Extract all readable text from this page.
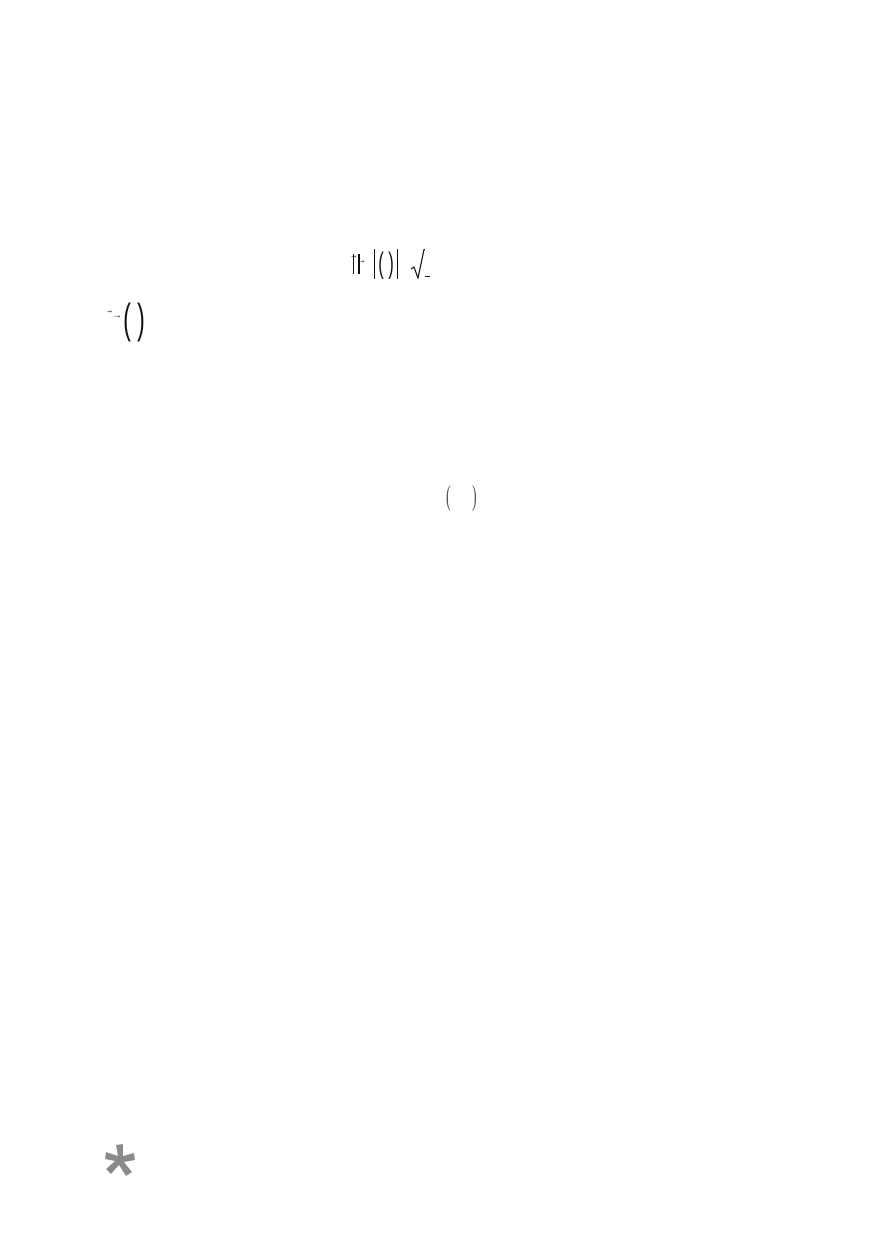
⃗→ ( )
⃗→ ( )
( )
